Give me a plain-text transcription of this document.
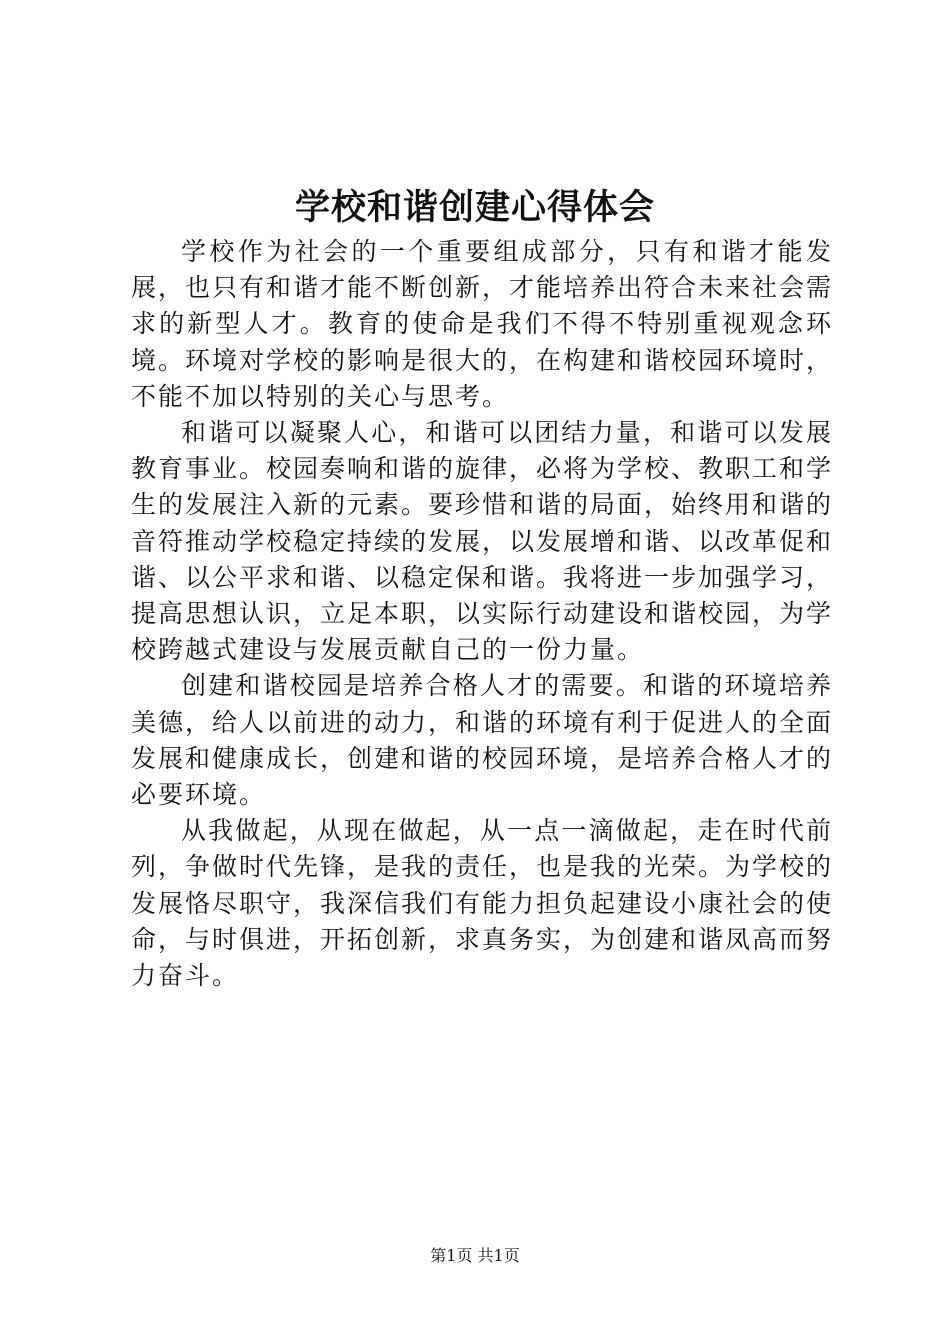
学校和谐创建心得体会

学校作为社会的一个重要组成部分，只有和谐才能发展，也只有和谐才能不断创新，才能培养出符合未来社会需求的新型人才。教育的使命是我们不得不特别重视观念环境。环境对学校的影响是很大的，在构建和谐校园环境时，不能不加以特别的关心与思考。

和谐可以凝聚人心，和谐可以团结力量，和谐可以发展教育事业。校园奏响和谐的旋律，必将为学校、教职工和学生的发展注入新的元素。要珍惜和谐的局面，始终用和谐的音符推动学校稳定持续的发展，以发展增和谐、以改革促和谐、以公平求和谐、以稳定保和谐。我将进一步加强学习，提高思想认识，立足本职，以实际行动建设和谐校园，为学校跨越式建设与发展贡献自己的一份力量。

创建和谐校园是培养合格人才的需要。和谐的环境培养美德，给人以前进的动力，和谐的环境有利于促进人的全面发展和健康成长，创建和谐的校园环境，是培养合格人才的必要环境。

从我做起，从现在做起，从一点一滴做起，走在时代前列，争做时代先锋，是我的责任，也是我的光荣。为学校的发展恪尽职守，我深信我们有能力担负起建设小康社会的使命，与时俱进，开拓创新，求真务实，为创建和谐凤高而努力奋斗。

第1页 共1页
